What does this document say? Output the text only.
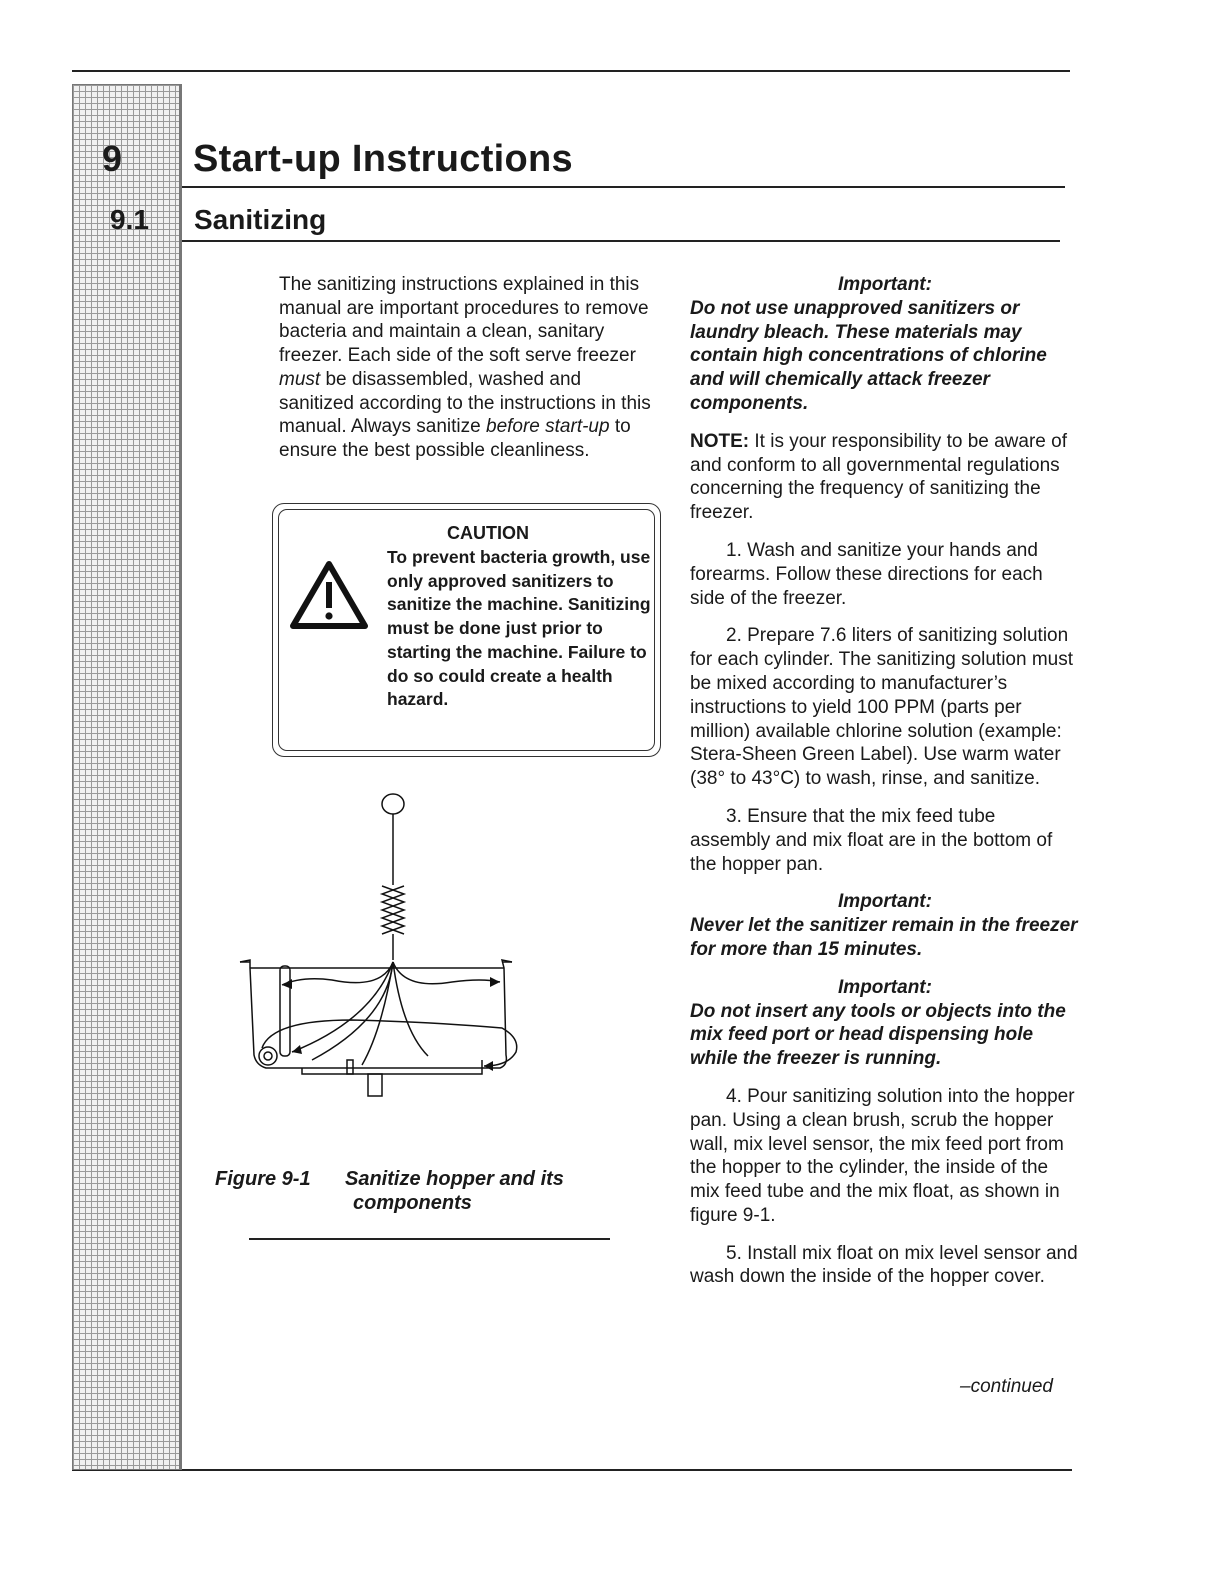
9 Start-up Instructions
9.1 Sanitizing

The sanitizing instructions explained in this manual are important procedures to remove bacteria and maintain a clean, sanitary freezer. Each side of the soft serve freezer must be disassembled, washed and sanitized according to the instructions in this manual. Always sanitize before start-up to ensure the best possible cleanliness.

CAUTION
To prevent bacteria growth, use only approved sanitizers to sanitize the machine. Sanitizing must be done just prior to starting the machine. Failure to do so could create a health hazard.
Figure 9-1 Sanitize hopper and its
components
Important:
Do not use unapproved sanitizers or laundry bleach. These materials may contain high concentrations of chlorine and will chemically attack freezer components.

NOTE: It is your responsibility to be aware of and conform to all governmental regulations concerning the frequency of sanitizing the freezer.

1. Wash and sanitize your hands and forearms. Follow these directions for each side of the freezer.

2. Prepare 7.6 liters of sanitizing solution for each cylinder. The sanitizing solution must be mixed according to manufacturer’s instructions to yield 100 PPM (parts per million) available chlorine solution (example: Stera-Sheen Green Label). Use warm water (38° to 43°C) to wash, rinse, and sanitize.

3. Ensure that the mix feed tube assembly and mix float are in the bottom of the hopper pan.

Important:
Never let the sanitizer remain in the freezer for more than 15 minutes.
Important:
Do not insert any tools or objects into the mix feed port or head dispensing hole while the freezer is running.

4. Pour sanitizing solution into the hopper pan. Using a clean brush, scrub the hopper wall, mix level sensor, the mix feed port from the hopper to the cylinder, the inside of the mix feed tube and the mix float, as shown in figure 9-1.

5. Install mix float on mix level sensor and wash down the inside of the hopper cover.

–continued
